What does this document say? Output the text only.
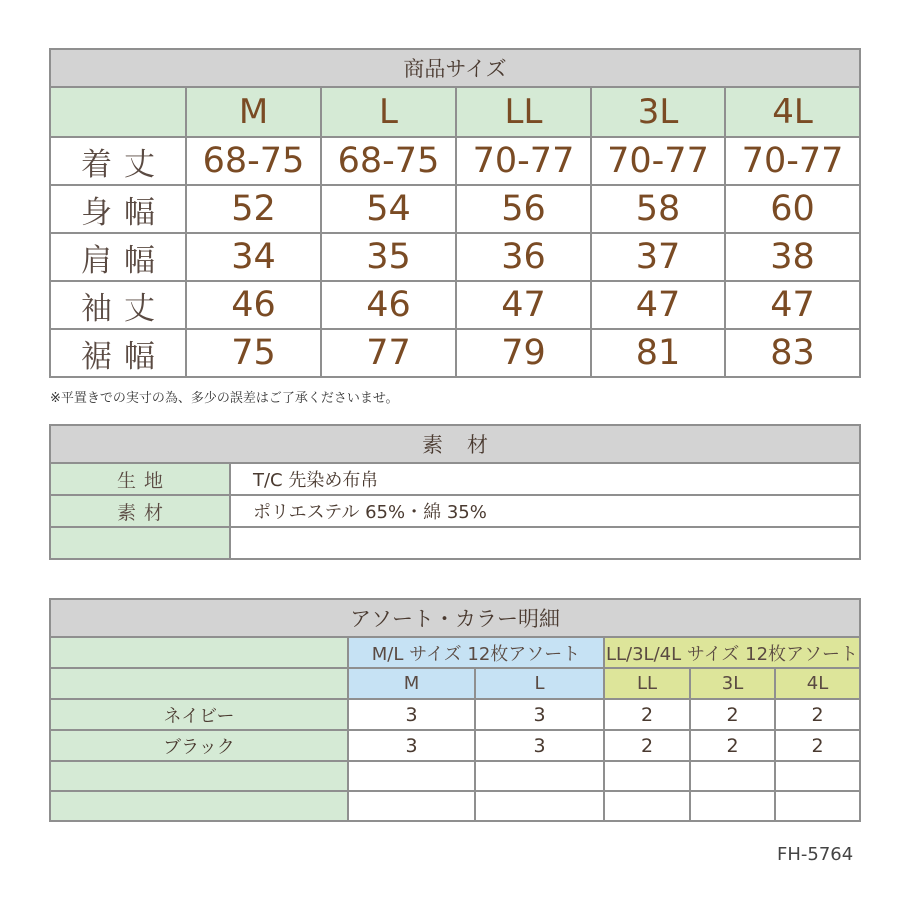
商品サイズ					
	M	L	LL	3L	4L
着丈	68-75	68-75	70-77	70-77	70-77
身幅	52	54	56	58	60
肩幅	34	35	36	37	38
袖丈	46	46	47	47	47
裾幅	75	77	79	81	83
※平置きでの実寸の為、多少の誤差はご了承くださいませ。
素材	
生地	T/C 先染め布帛
素材	ポリエステル 65%・綿 35%

アソート・カラー明細					
	M/L サイズ 12枚アソート		LL/3L/4L サイズ 12枚アソート		
	M	L	LL	3L	4L
ネイビー	3	3	2	2	2
ブラック	3	3	2	2	2

FH-5764
